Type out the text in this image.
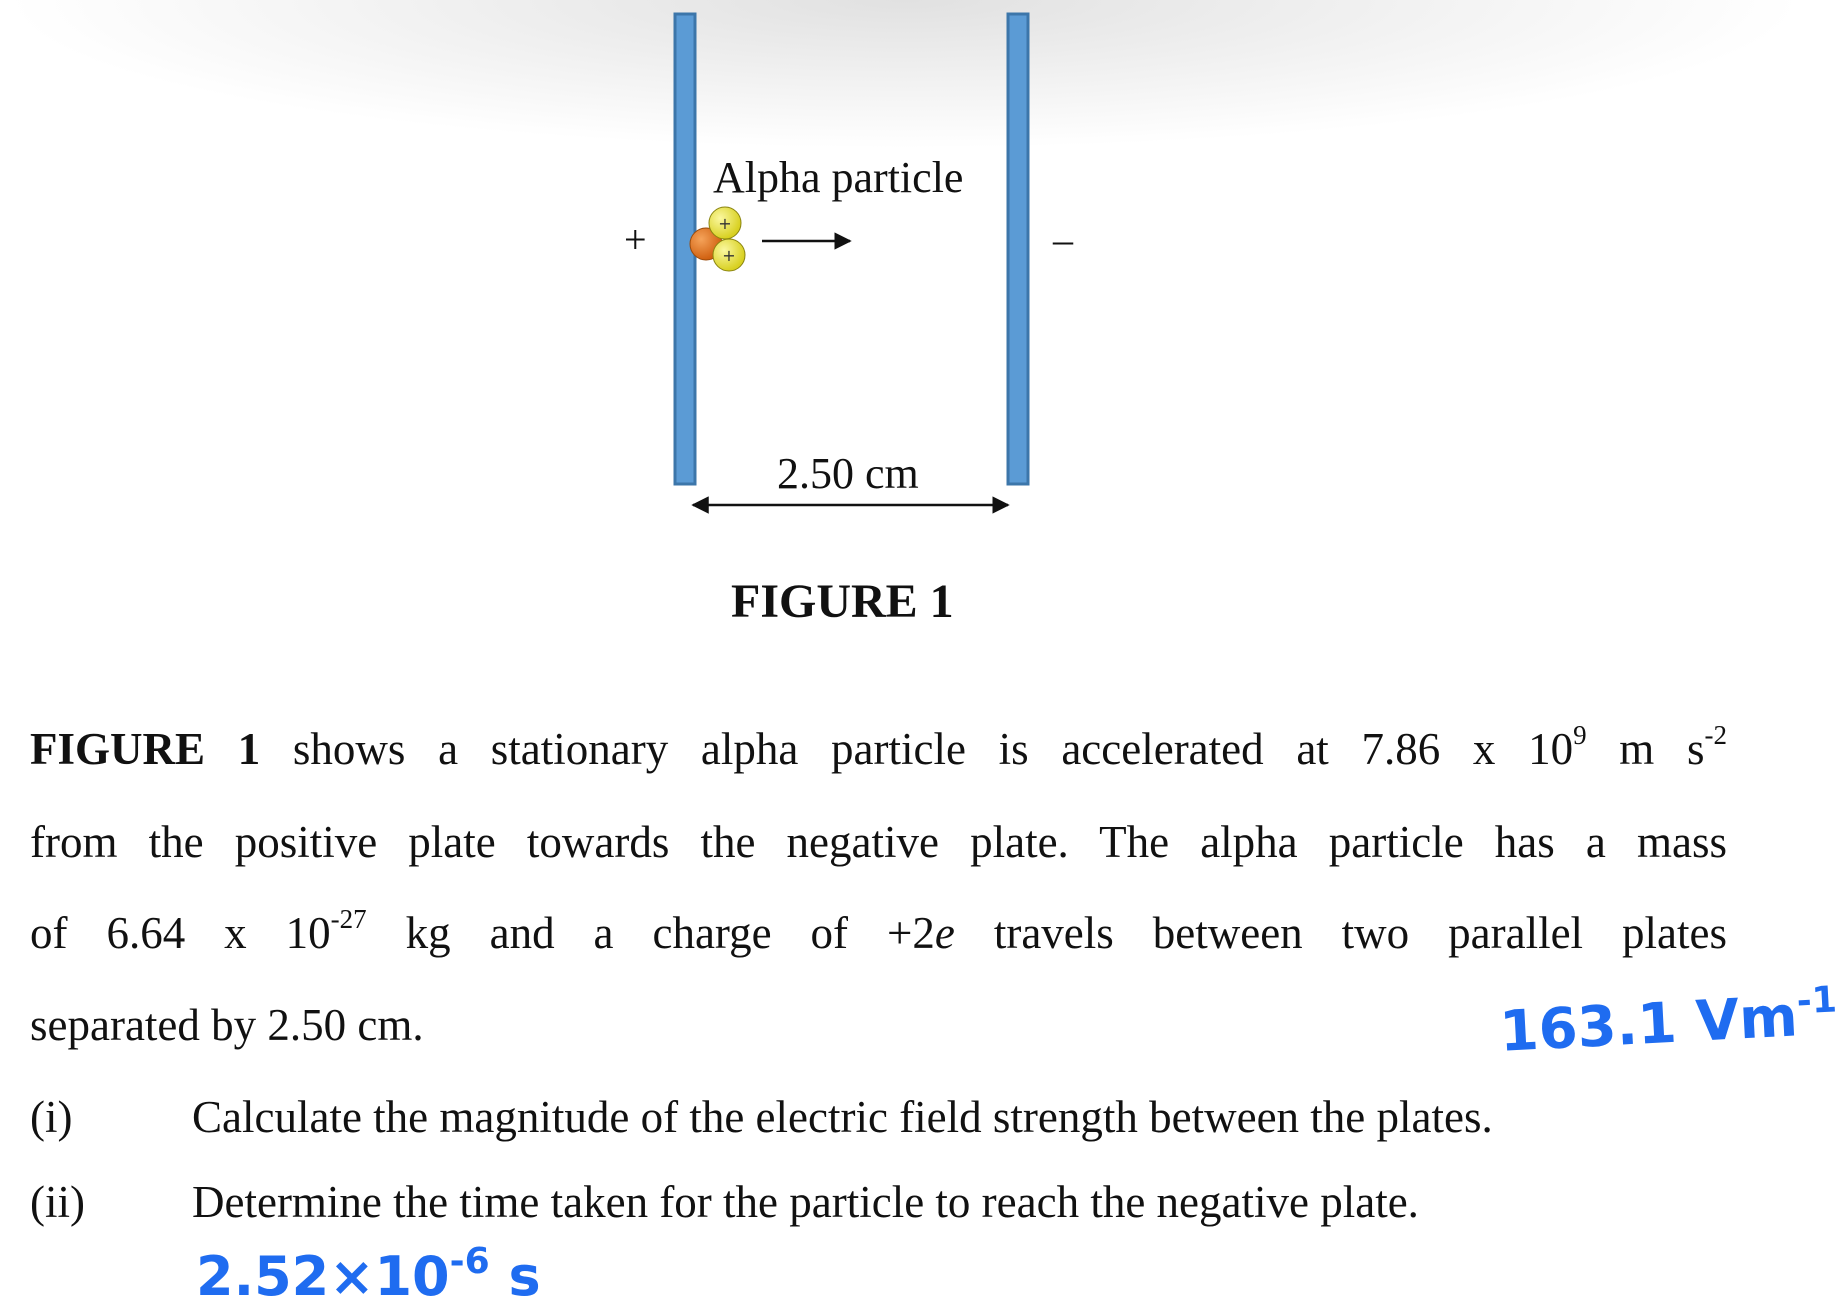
Alpha particle
+	–
+
+
2.50 cm
FIGURE 1
FIGURE 1 shows a stationary alpha particle is accelerated at 7.86 x $10^9$ m $s^{-2}$
from the positive plate towards the negative plate. The alpha particle has a mass
of 6.64 x $10^{-27}$ kg and a charge of +2e travels between two parallel plates
separated by 2.50 cm.
(i)	Calculate the magnitude of the electric field strength between the plates.
(ii) Determine the time taken for the particle to reach the negative plate.
163.1 $Vm^{-1}$
$2.52\times 10^{-6}$ s
